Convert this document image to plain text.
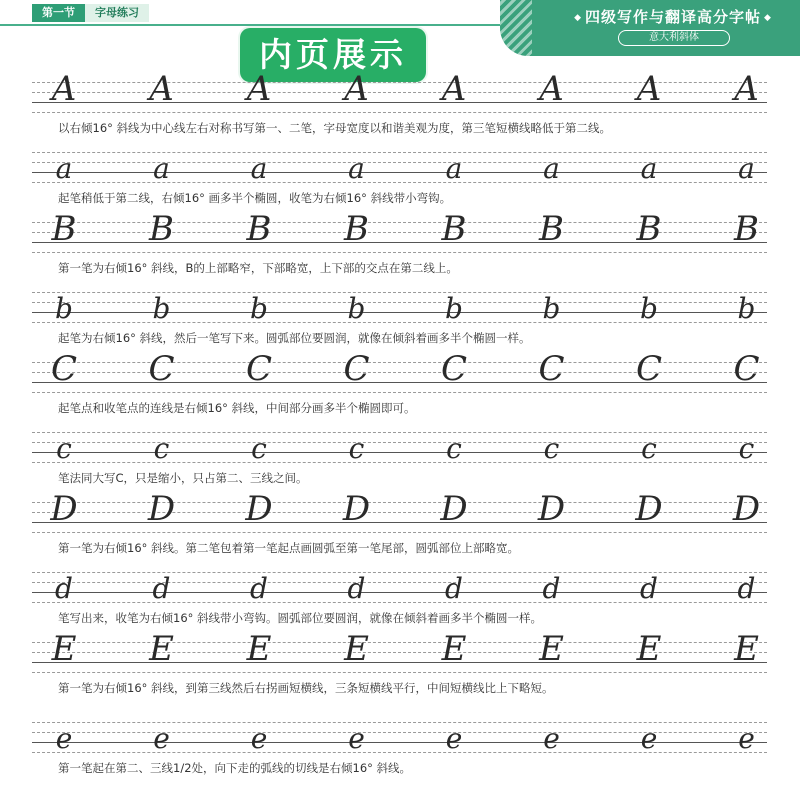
第一节	字母练习	◆ 四级写作与翻译高分字帖 ◆
意大利斜体
内页展示
A A A A A A A A
以右倾16° 斜线为中心线左右对称书写第一、二笔，字母宽度以和谐美观为度，第三笔短横线略低于第二线。
a	a	a	a	a	a	a	a
起笔稍低于第二线，右倾16° 画多半个椭圆，收笔为右倾16° 斜线带小弯钩。
B B B B B B B B
第一笔为右倾16° 斜线，B的上部略窄，下部略宽，上下部的交点在第二线上。
b	b	b	b	b	b	b	b
起笔为右倾16° 斜线，然后一笔写下来。圆弧部位要圆润，就像在倾斜着画多半个椭圆一样。
C C C C C C C C
起笔点和收笔点的连线是右倾16° 斜线，中间部分画多半个椭圆即可。
c	c	c	c	c	c	c	c
笔法同大写C，只是缩小，只占第二、三线之间。
D D D D D D D D
第一笔为右倾16° 斜线。第二笔包着第一笔起点画圆弧至第一笔尾部，圆弧部位上部略宽。
d	d	d	d	d	d	d	d
笔写出来，收笔为右倾16° 斜线带小弯钩。圆弧部位要圆润，就像在倾斜着画多半个椭圆一样。
E E E E E E E E
第一笔为右倾16° 斜线，到第三线然后右拐画短横线，三条短横线平行，中间短横线比上下略短。
e	e	e	e	e	e	e	e
第一笔起在第二、三线1/2处，向下走的弧线的切线是右倾16° 斜线。
